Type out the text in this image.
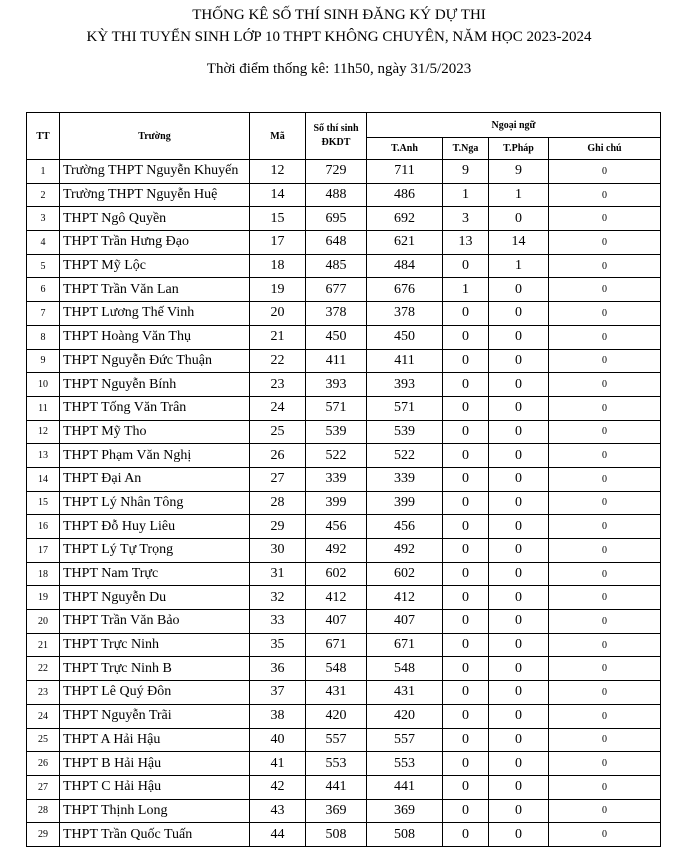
THỐNG KÊ SỐ THÍ SINH ĐĂNG KÝ DỰ THI
KỲ THI TUYỂN SINH LỚP 10 THPT KHÔNG CHUYÊN, NĂM HỌC 2023-2024
Thời điểm thống kê: 11h50, ngày 31/5/2023
TT	Trường	Mã	Số thí sinh ĐKDT	Ngoại ngữ			
				T.Anh	T.Nga	T.Pháp	Ghi chú
1	Trường THPT Nguyễn Khuyến	12	729	711	9	9	0
2	Trường THPT Nguyễn Huệ	14	488	486	1	1	0
3	THPT Ngô Quyền	15	695	692	3	0	0
4	THPT Trần Hưng Đạo	17	648	621	13	14	0
5	THPT Mỹ Lộc	18	485	484	0	1	0
6	THPT Trần Văn Lan	19	677	676	1	0	0
7	THPT Lương Thế Vinh	20	378	378	0	0	0
8	THPT Hoàng Văn Thụ	21	450	450	0	0	0
9	THPT Nguyễn Đức Thuận	22	411	411	0	0	0
10	THPT Nguyễn Bính	23	393	393	0	0	0
11	THPT Tống Văn Trân	24	571	571	0	0	0
12	THPT Mỹ Tho	25	539	539	0	0	0
13	THPT Phạm Văn Nghị	26	522	522	0	0	0
14	THPT Đại An	27	339	339	0	0	0
15	THPT Lý Nhân Tông	28	399	399	0	0	0
16	THPT Đỗ Huy Liêu	29	456	456	0	0	0
17	THPT Lý Tự Trọng	30	492	492	0	0	0
18	THPT Nam Trực	31	602	602	0	0	0
19	THPT Nguyễn Du	32	412	412	0	0	0
20	THPT Trần Văn Bảo	33	407	407	0	0	0
21	THPT Trực Ninh	35	671	671	0	0	0
22	THPT Trực Ninh B	36	548	548	0	0	0
23	THPT Lê Quý Đôn	37	431	431	0	0	0
24	THPT Nguyễn Trãi	38	420	420	0	0	0
25	THPT A Hải Hậu	40	557	557	0	0	0
26	THPT B Hải Hậu	41	553	553	0	0	0
27	THPT C Hải Hậu	42	441	441	0	0	0
28	THPT Thịnh Long	43	369	369	0	0	0
29	THPT Trần Quốc Tuấn	44	508	508	0	0	0
